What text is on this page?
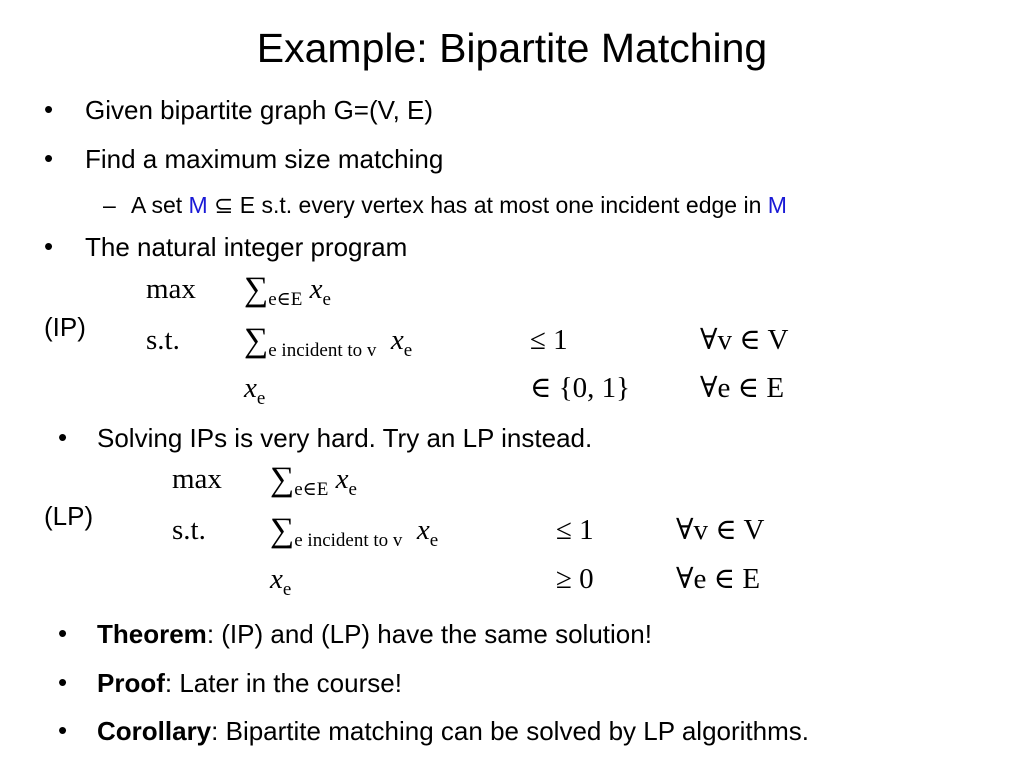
Example: Bipartite Matching
• Given bipartite graph G=(V, E)
• Find a maximum size matching
– A set M ⊆ E s.t. every vertex has at most one incident edge in M
• The natural integer program
(IP)
$\max \sum_{e\in E}$ $x_e$
s.t. $\sum_{e incident to v}$ $x_e$	≤ 1	∀v ∈ V
$x_e$	∈ {0, 1} ∀e ∈ E
• Solving IPs is very hard. Try an LP instead.
(LP)
$\max \sum_{e\in E}$ $x_e$
s.t. $\sum_{e incident to v}$ $x_e$	≤ 1	∀v ∈ V
$x_e$	≥ 0	∀e ∈ E
• Theorem: (IP) and (LP) have the same solution!
• Proof: Later in the course!
• Corollary: Bipartite matching can be solved by LP algorithms.
